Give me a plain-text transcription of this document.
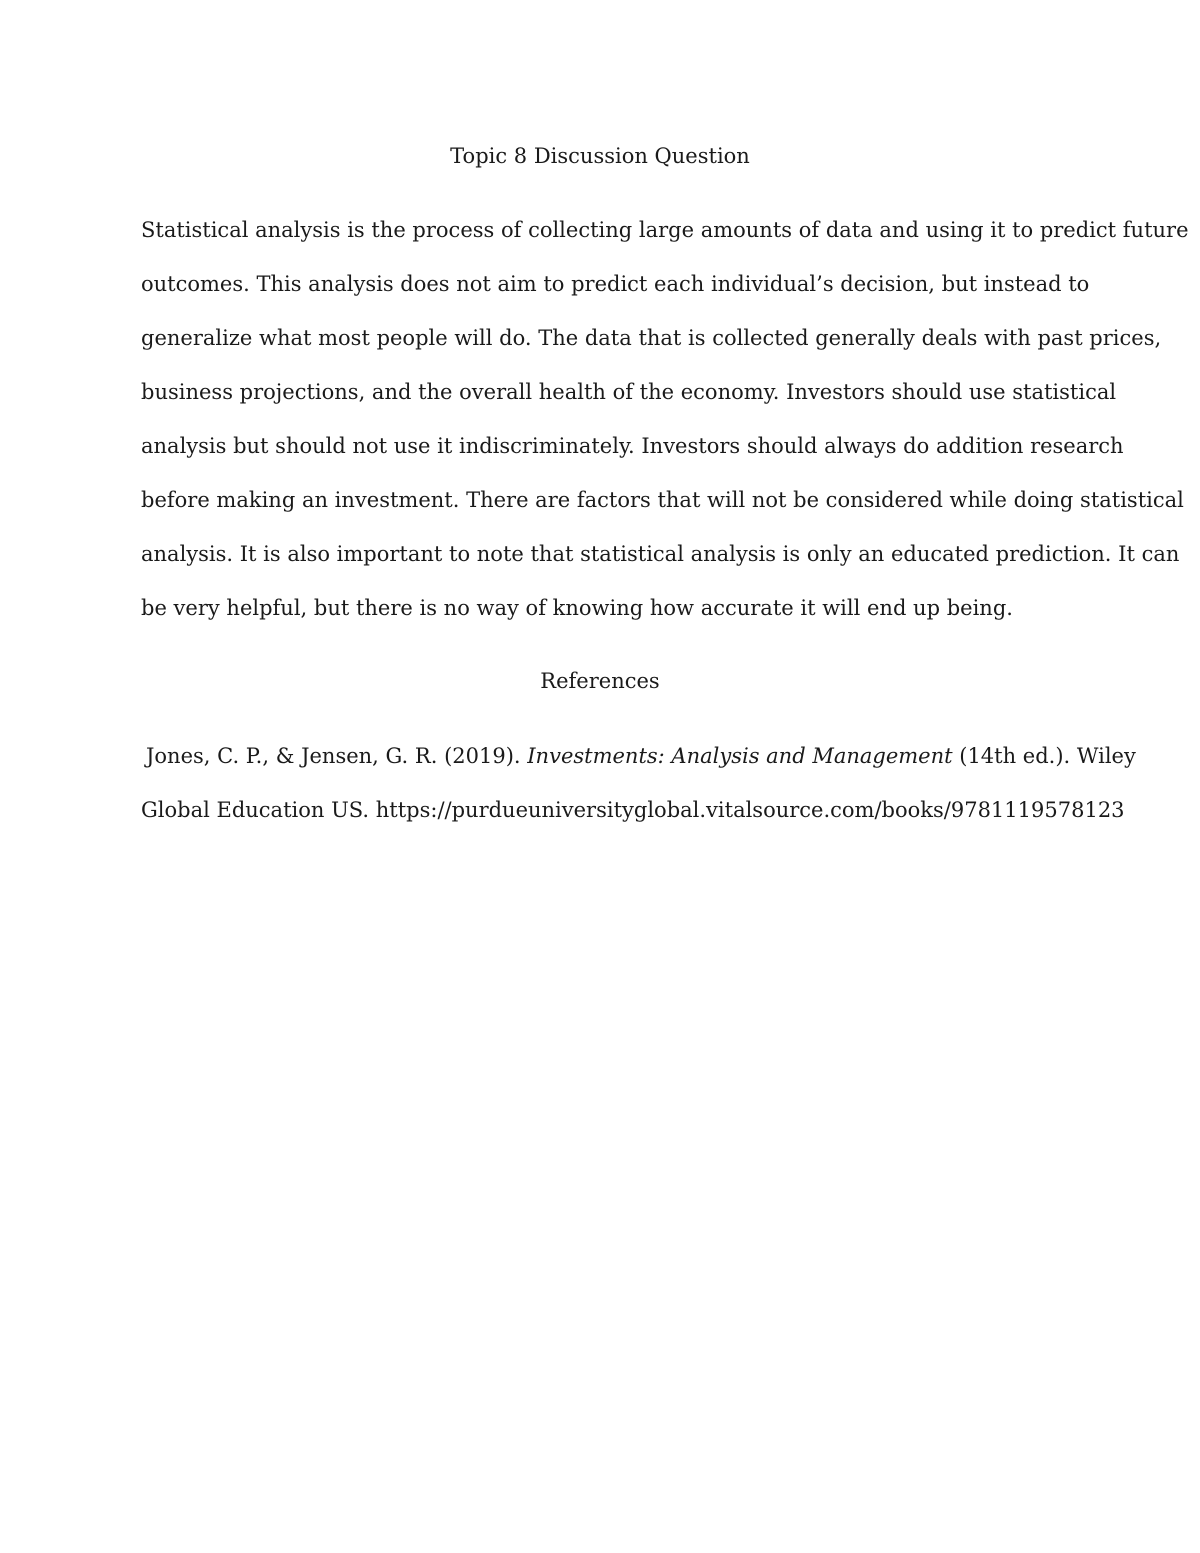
Topic 8 Discussion Question

Statistical analysis is the process of collecting large amounts of data and using it to predict future

outcomes. This analysis does not aim to predict each individual’s decision, but instead to

generalize what most people will do. The data that is collected generally deals with past prices,

business projections, and the overall health of the economy. Investors should use statistical

analysis but should not use it indiscriminately. Investors should always do addition research

before making an investment. There are factors that will not be considered while doing statistical

analysis. It is also important to note that statistical analysis is only an educated prediction. It can

be very helpful, but there is no way of knowing how accurate it will end up being.

References

Jones, C. P., & Jensen, G. R. (2019). Investments: Analysis and Management (14th ed.). Wiley

Global Education US. https://purdueuniversityglobal.vitalsource.com/books/9781119578123
